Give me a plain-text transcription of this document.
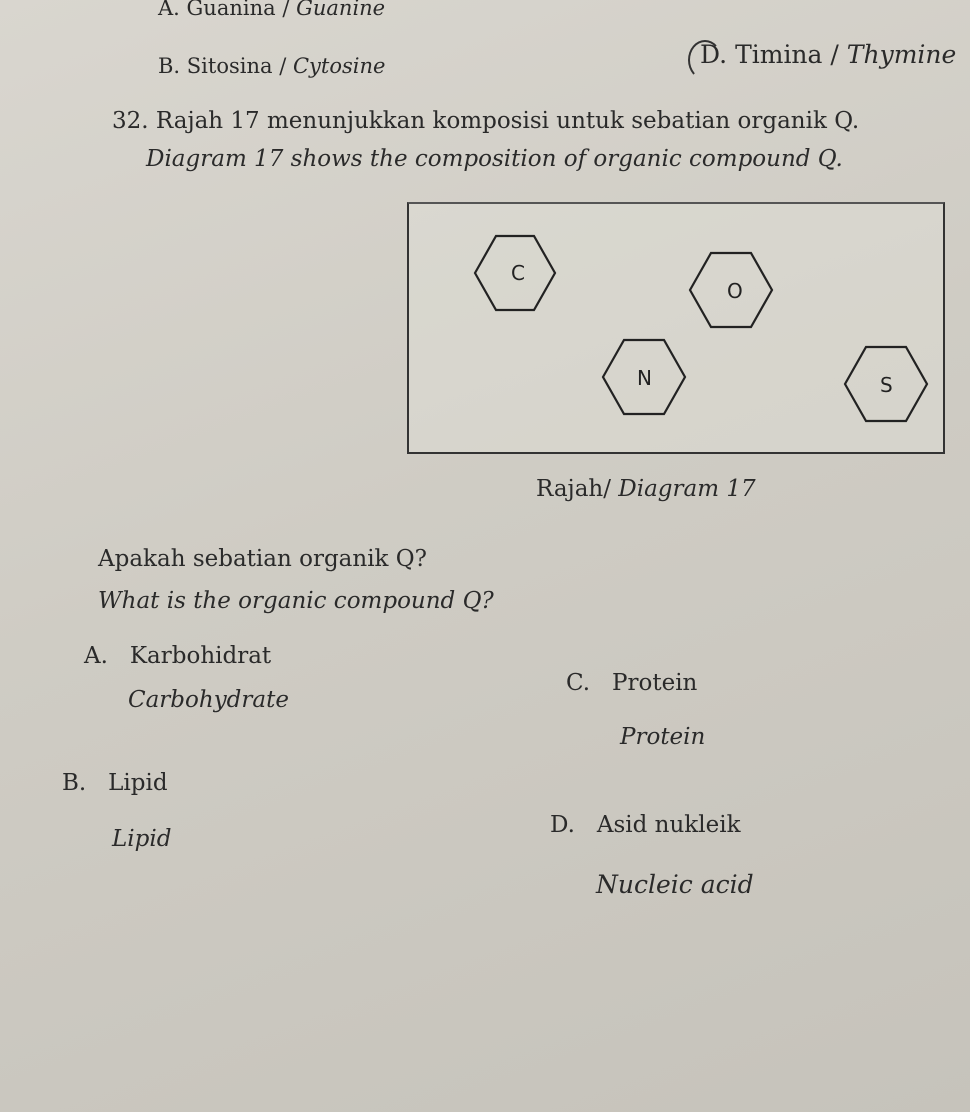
A. Guanina / Guanine
B. Sitosina / Cytosine	D. Timina / Thymine
32. Rajah 17 menunjukkan komposisi untuk sebatian organik Q.
Diagram 17 shows the composition of organic compound Q.
C
O
N	S
Rajah/ Diagram 17
Apakah sebatian organik Q?
What is the organic compound Q?
A. Karbohidrat
Carbohydrate
C. Protein
Protein
B. Lipid
Lipid
D. Asid nukleik
Nucleic acid
